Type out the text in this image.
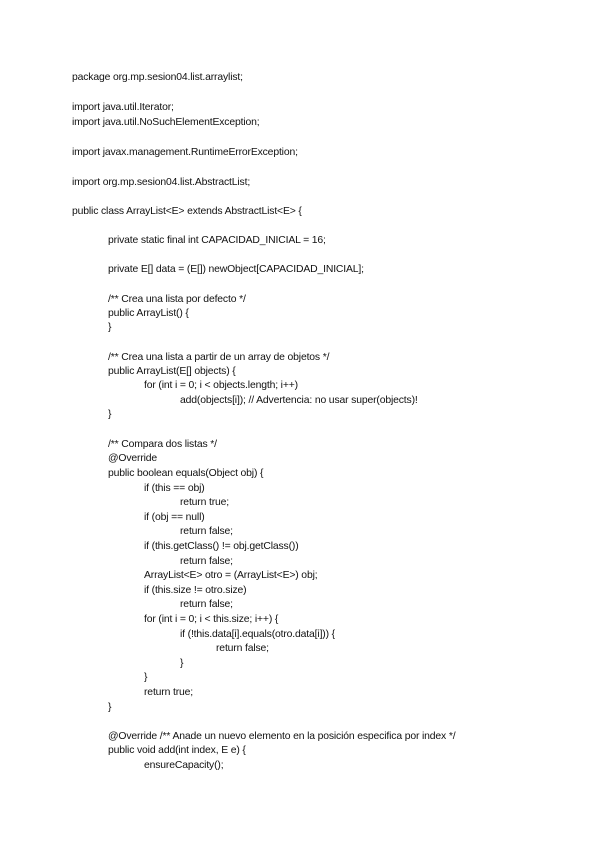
package org.mp.sesion04.list.arraylist;
import java.util.Iterator;
import java.util.NoSuchElementException;
import javax.management.RuntimeErrorException;
import org.mp.sesion04.list.AbstractList;
public class ArrayList<E> extends AbstractList<E> {
private static final int CAPACIDAD_INICIAL = 16;
private E[] data = (E[]) newObject[CAPACIDAD_INICIAL];
/** Crea una lista por defecto */
public ArrayList() {
}
/** Crea una lista a partir de un array de objetos */
public ArrayList(E[] objects) {
for (int i = 0; i < objects.length; i++)
add(objects[i]); // Advertencia: no usar super(objects)!
}
/** Compara dos listas */
@Override
public boolean equals(Object obj) {
if (this == obj)
return true;
if (obj == null)
return false;
if (this.getClass() != obj.getClass())
return false;
ArrayList<E> otro = (ArrayList<E>) obj;
if (this.size != otro.size)
return false;
for (int i = 0; i < this.size; i++) {
if (!this.data[i].equals(otro.data[i])) {
return false;
}
}
return true;
}
@Override /** Anade un nuevo elemento en la posición especifica por index */
public void add(int index, E e) {
ensureCapacity();
